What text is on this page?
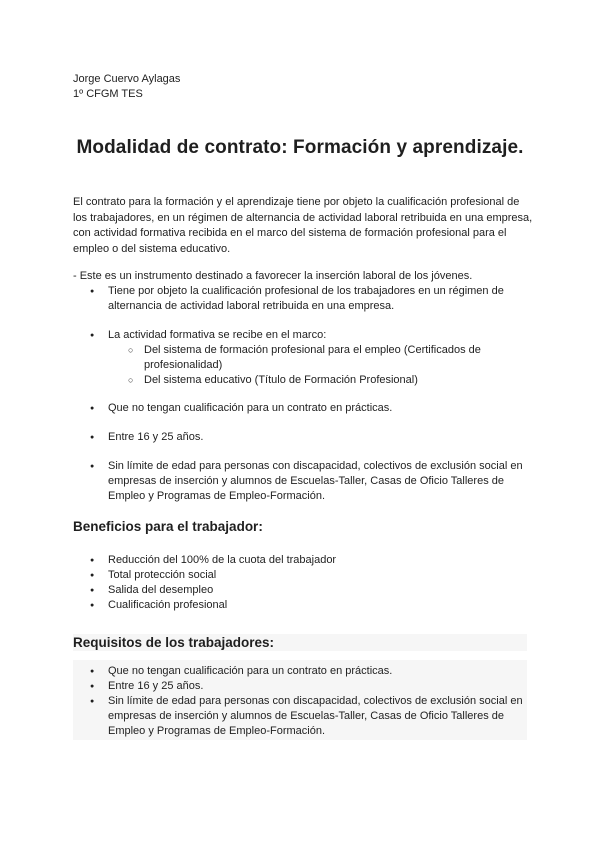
Jorge Cuervo Aylagas
1º CFGM TES
Modalidad de contrato: Formación y aprendizaje.

El contrato para la formación y el aprendizaje tiene por objeto la cualificación profesional de los trabajadores, en un régimen de alternancia de actividad laboral retribuida en una empresa, con actividad formativa recibida en el marco del sistema de formación profesional para el empleo o del sistema educativo.

- Este es un instrumento destinado a favorecer la inserción laboral de los jóvenes.

● Tiene por objeto la cualificación profesional de los trabajadores en un régimen de alternancia de actividad laboral retribuida en una empresa.
● La actividad formativa se recibe en el marco:
○ Del sistema de formación profesional para el empleo (Certificados de profesionalidad)
○ Del sistema educativo (Título de Formación Profesional)
● Que no tengan cualificación para un contrato en prácticas.
● Entre 16 y 25 años.
● Sin límite de edad para personas con discapacidad, colectivos de exclusión social en empresas de inserción y alumnos de Escuelas-Taller, Casas de Oficio Talleres de Empleo y Programas de Empleo-Formación.
Beneficios para el trabajador:
● Reducción del 100% de la cuota del trabajador
● Total protección social
● Salida del desempleo
● Cualificación profesional
Requisitos de los trabajadores:
● Que no tengan cualificación para un contrato en prácticas.
● Entre 16 y 25 años.
● Sin límite de edad para personas con discapacidad, colectivos de exclusión social en empresas de inserción y alumnos de Escuelas-Taller, Casas de Oficio Talleres de Empleo y Programas de Empleo-Formación.
